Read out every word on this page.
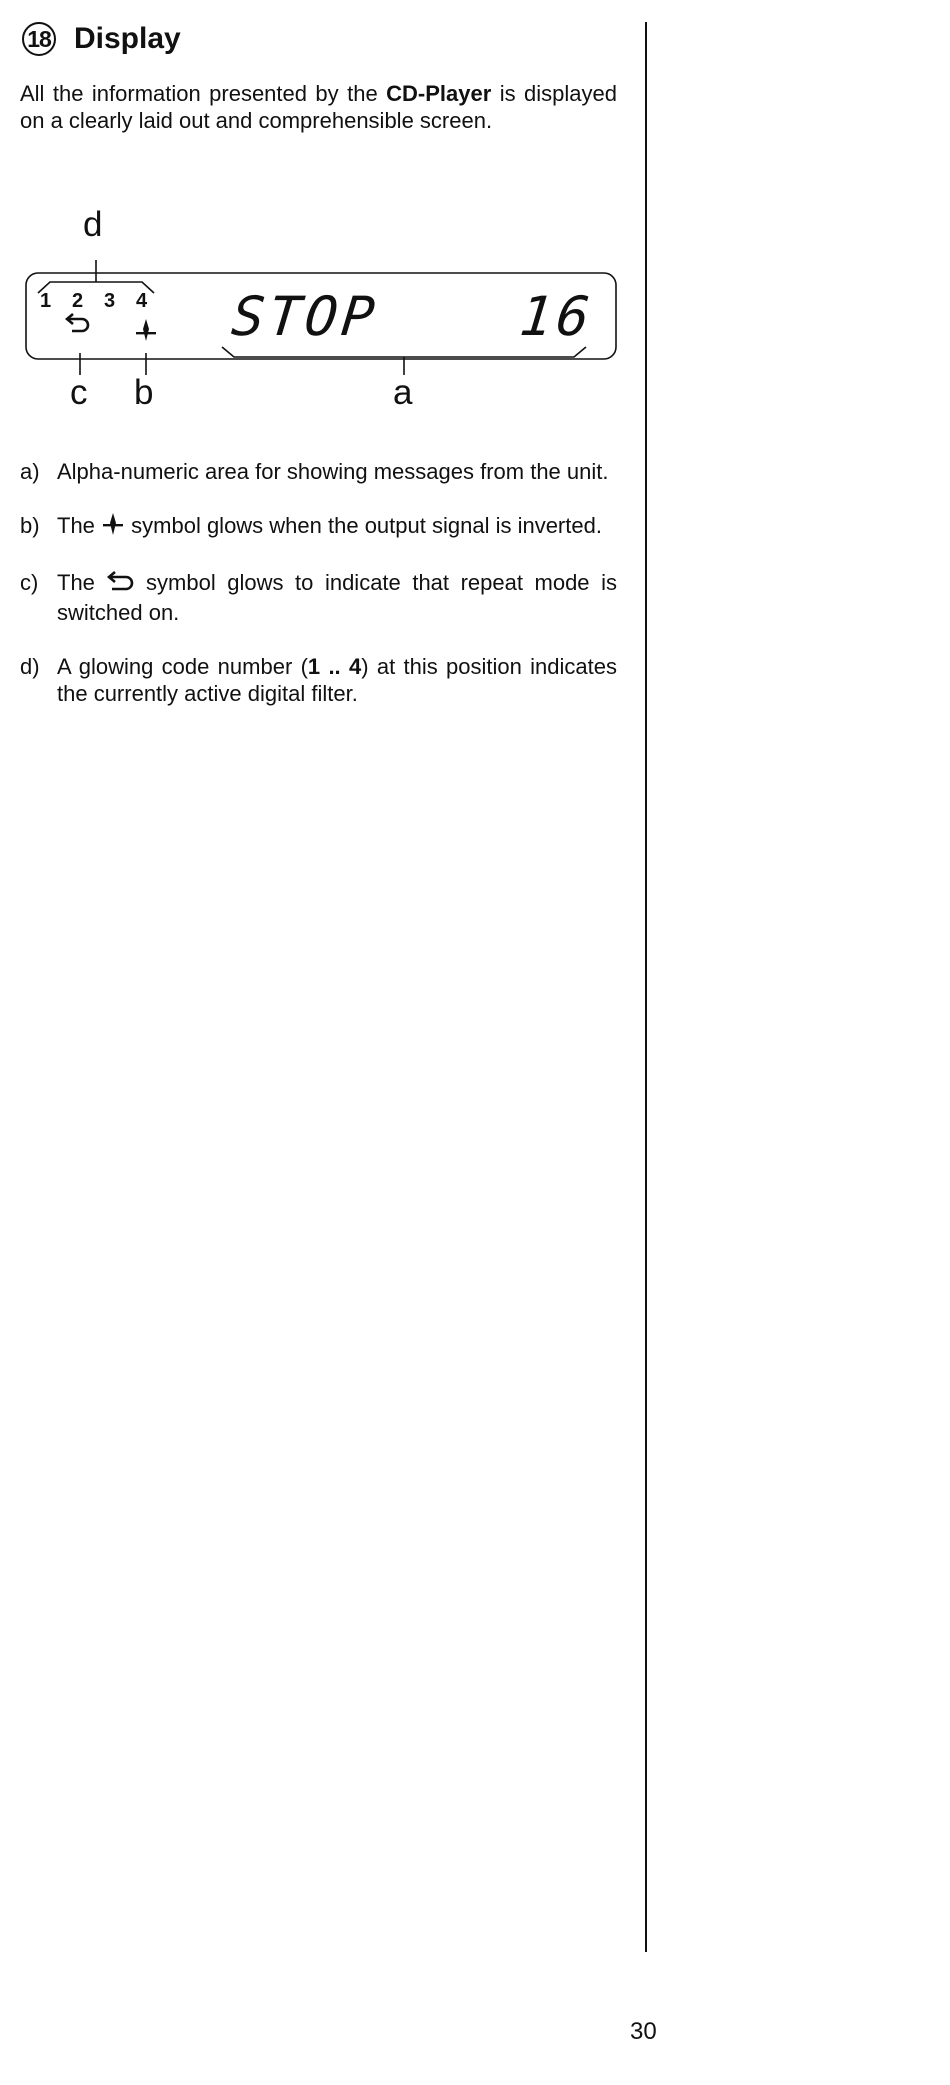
18 Display

All the information presented by the CD-Player is displayed on a clearly laid out and comprehensible screen.

d
c b	a
1 2 3 4 STOP	16
a) Alpha-numeric area for showing messages from the unit.
b) The  symbol glows when the output signal is inverted.
c) The  symbol glows to indicate that repeat mode is switched on.
d) A glowing code number (1 .. 4) at this position indicates the currently active digital filter.
30
